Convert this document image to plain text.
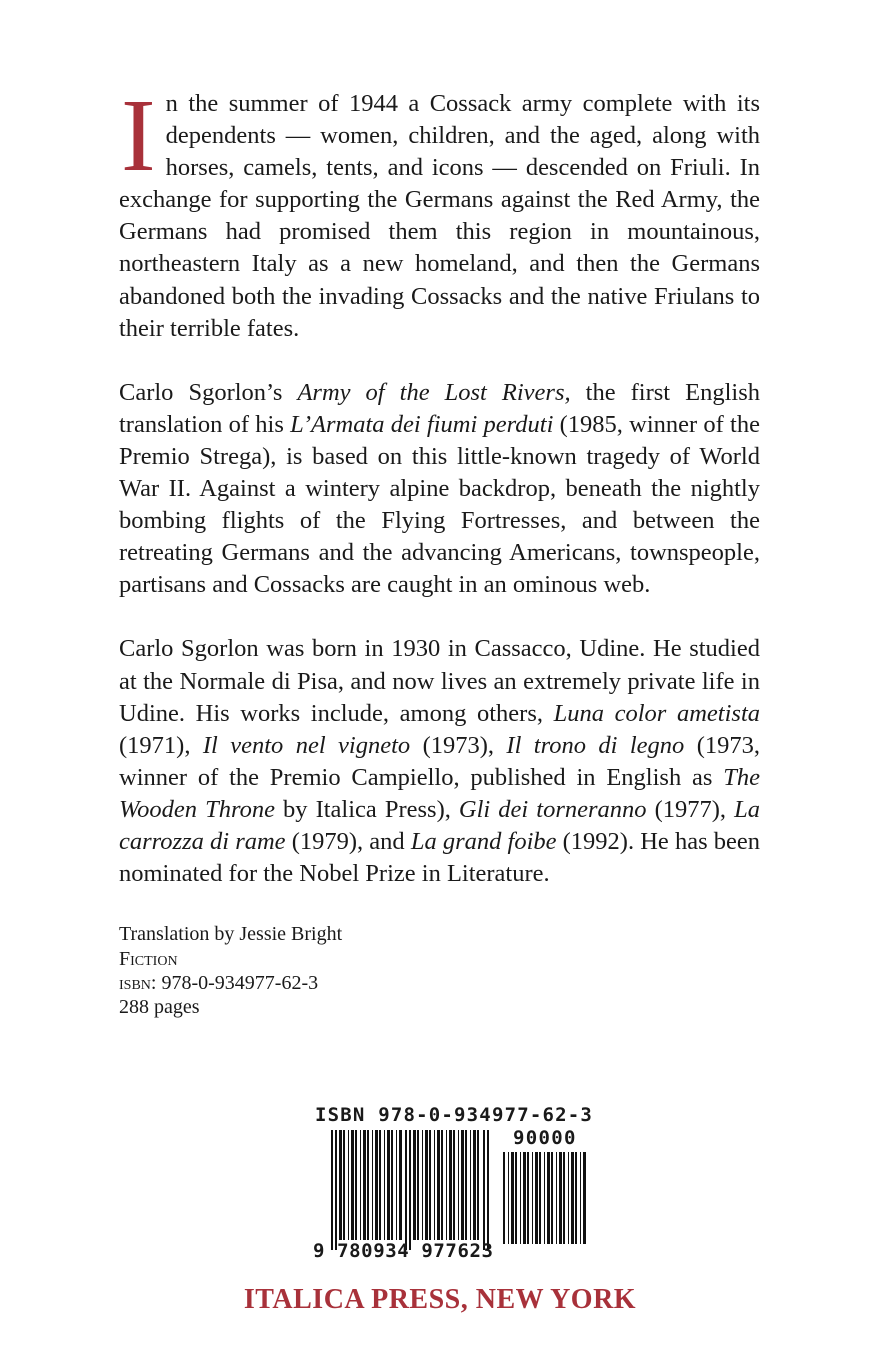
In the summer of 1944 a Cossack army complete with its dependents — women, children, and the aged, along with horses, camels, tents, and icons — descended on Friuli. In exchange for supporting the Germans against the Red Army, the Germans had promised them this region in mountainous, northeastern Italy as a new homeland, and then the Germans abandoned both the invading Cossacks and the native Friulans to their terrible fates.

Carlo Sgorlon’s Army of the Lost Rivers, the first English translation of his L’Armata dei fiumi perduti (1985, winner of the Premio Strega), is based on this little-known tragedy of World War II. Against a wintery alpine backdrop, beneath the nightly bombing flights of the Flying Fortresses, and between the retreating Germans and the advancing Americans, townspeople, partisans and Cossacks are caught in an ominous web.

Carlo Sgorlon was born in 1930 in Cassacco, Udine. He studied at the Normale di Pisa, and now lives an extremely private life in Udine. His works include, among others, Luna color ametista (1971), Il vento nel vigneto (1973), Il trono di legno (1973, winner of the Premio Campiello, published in English as The Wooden Throne by Italica Press), Gli dei torneranno (1977), La carrozza di rame (1979), and La grand foibe (1992). He has been nominated for the Nobel Prize in Literature.

Translation by Jessie Bright
Fiction
isbn: 978-0-934977-62-3
288 pages
ISBN 978-0-934977-62-3
90000
9 780934 977623
ITALICA PRESS, NEW YORK
